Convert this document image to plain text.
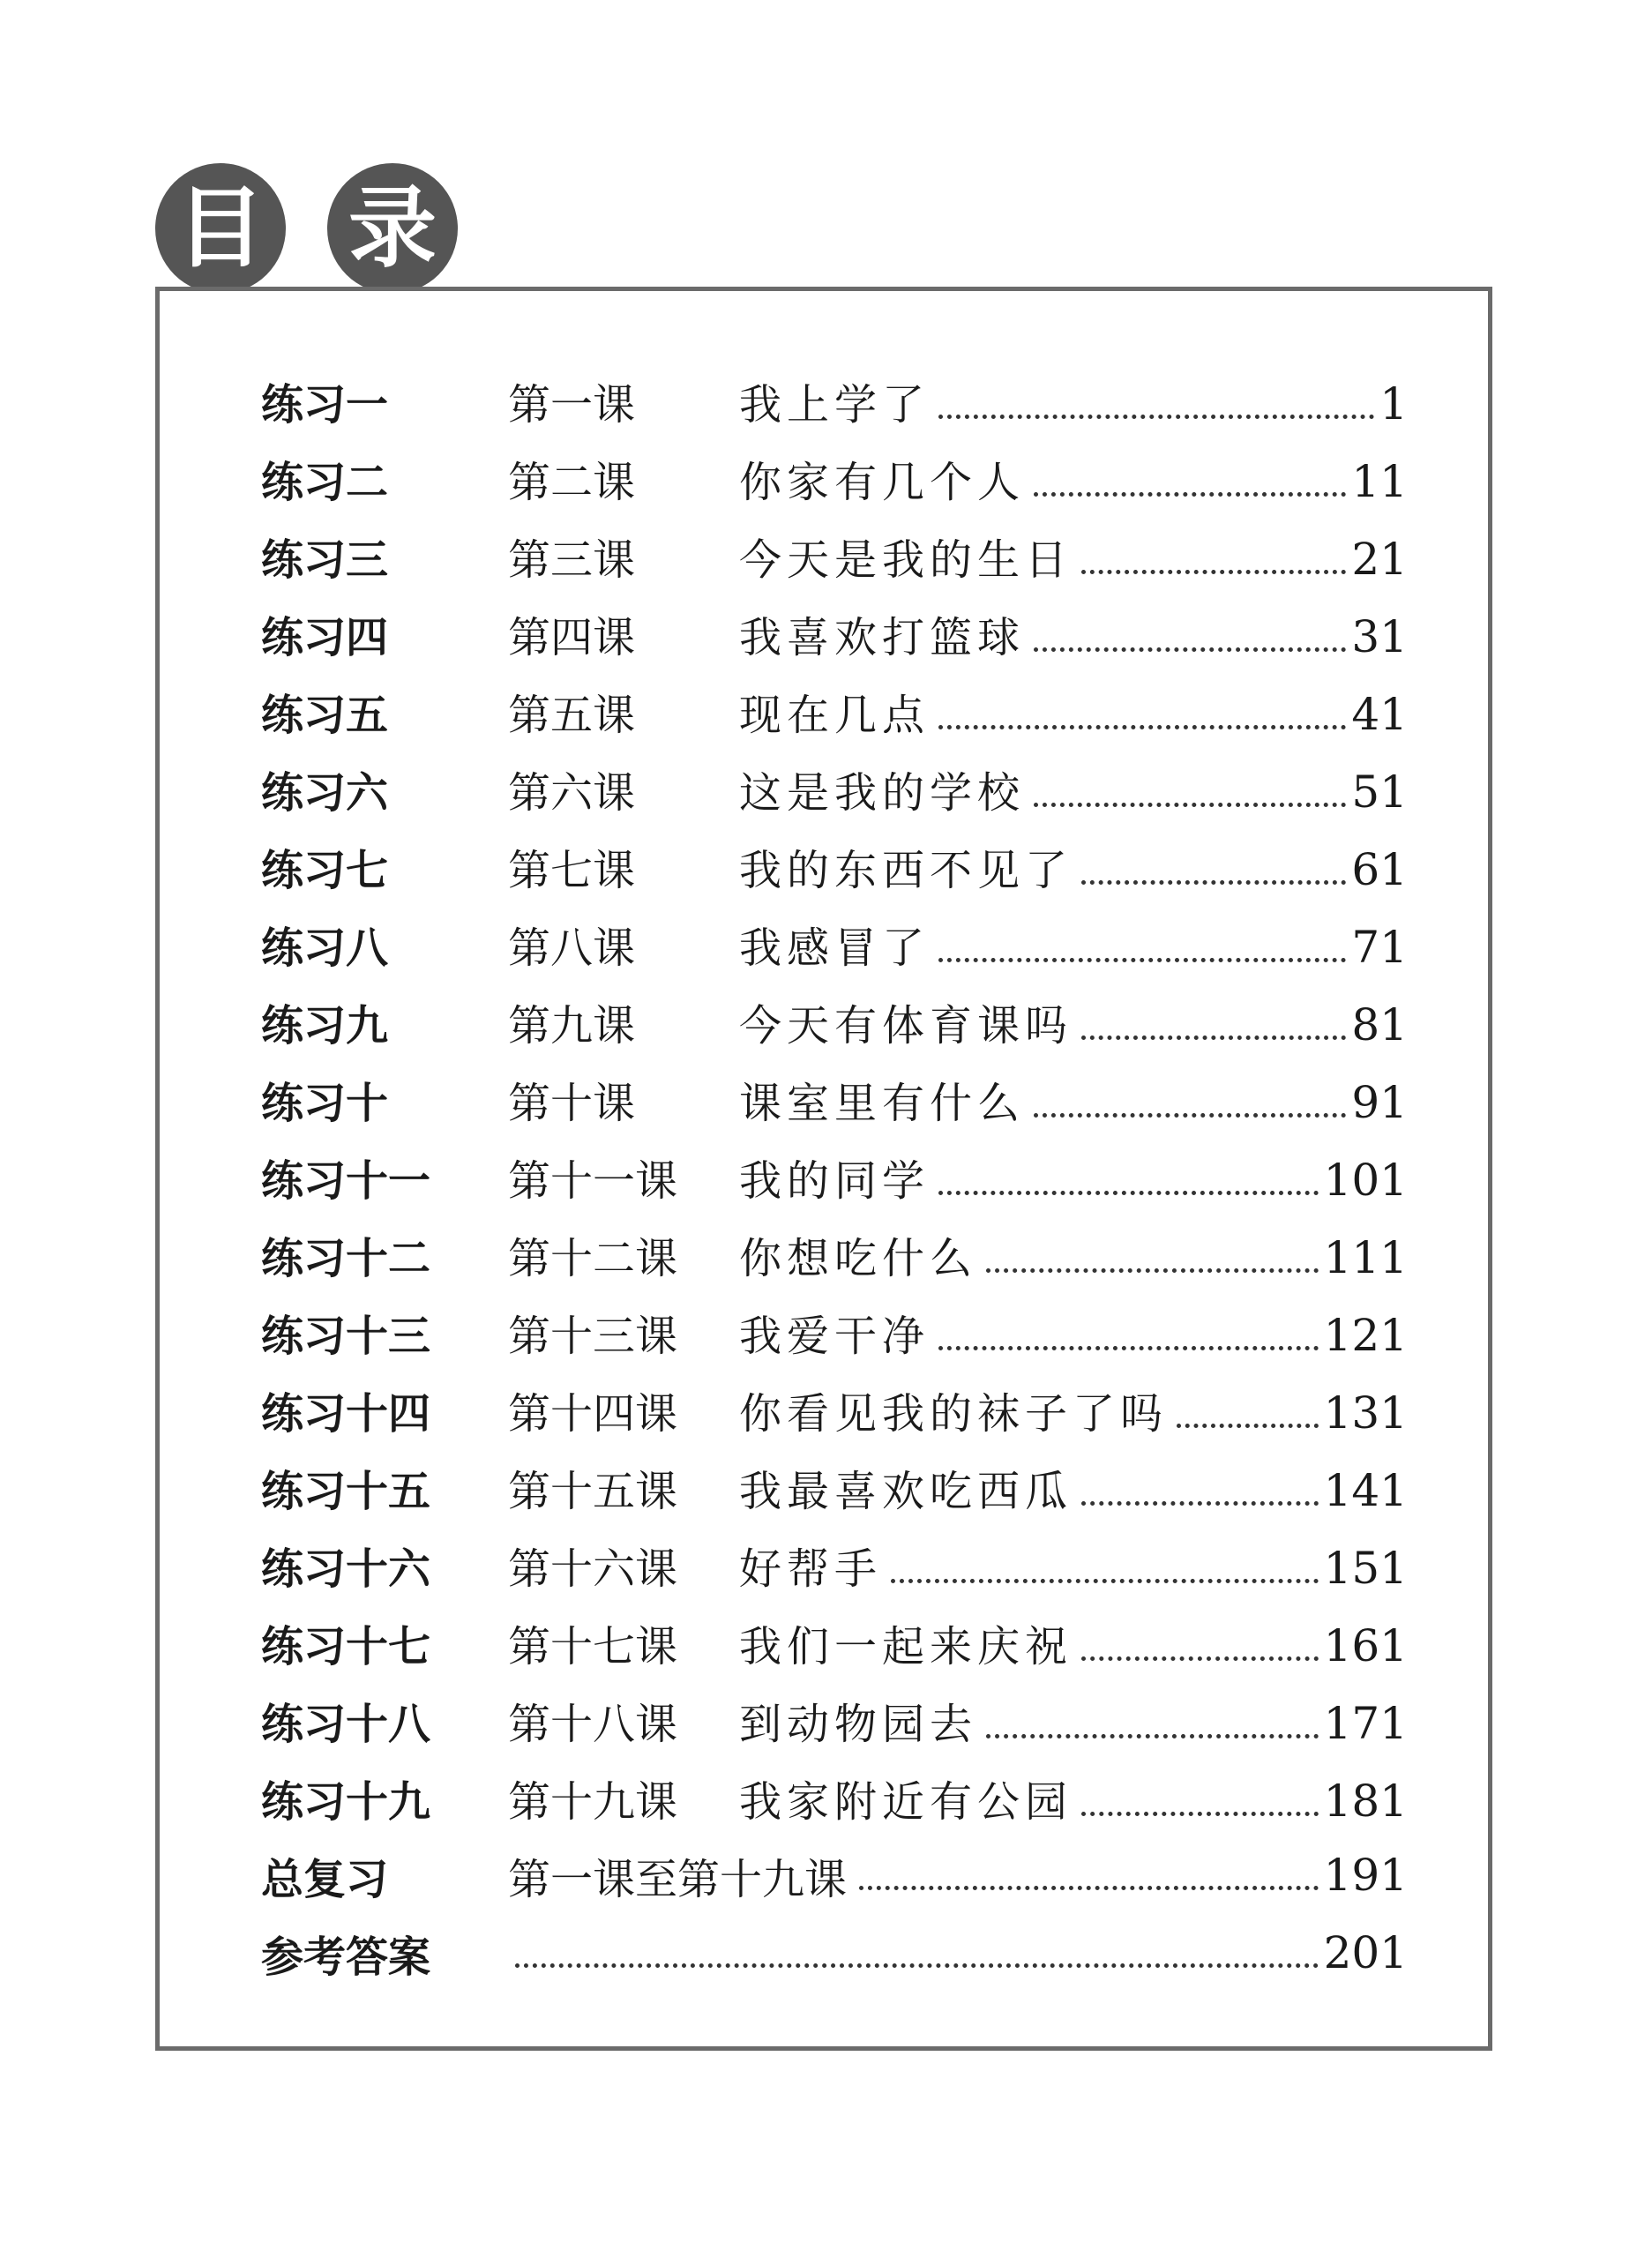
目 录
练习一	第一课	我上学了	1
练习二	第二课	你家有几个人	11
练习三	第三课	今天是我的生日	21
练习四	第四课	我喜欢打篮球	31
练习五	第五课	现在几点	41
练习六	第六课	这是我的学校	51
练习七	第七课	我的东西不见了	61
练习八	第八课	我感冒了	71
练习九	第九课	今天有体育课吗	81
练习十	第十课	课室里有什么	91
练习十一	第十一课	我的同学	101
练习十二	第十二课	你想吃什么	111
练习十三	第十三课	我爱干净	121
练习十四	第十四课	你看见我的袜子了吗	131
练习十五	第十五课	我最喜欢吃西瓜	141
练习十六	第十六课	好帮手	151
练习十七	第十七课	我们一起来庆祝	161
练习十八	第十八课	到动物园去	171
练习十九	第十九课	我家附近有公园	181
总复习	第一课至第十九课	191
参考答案	201
